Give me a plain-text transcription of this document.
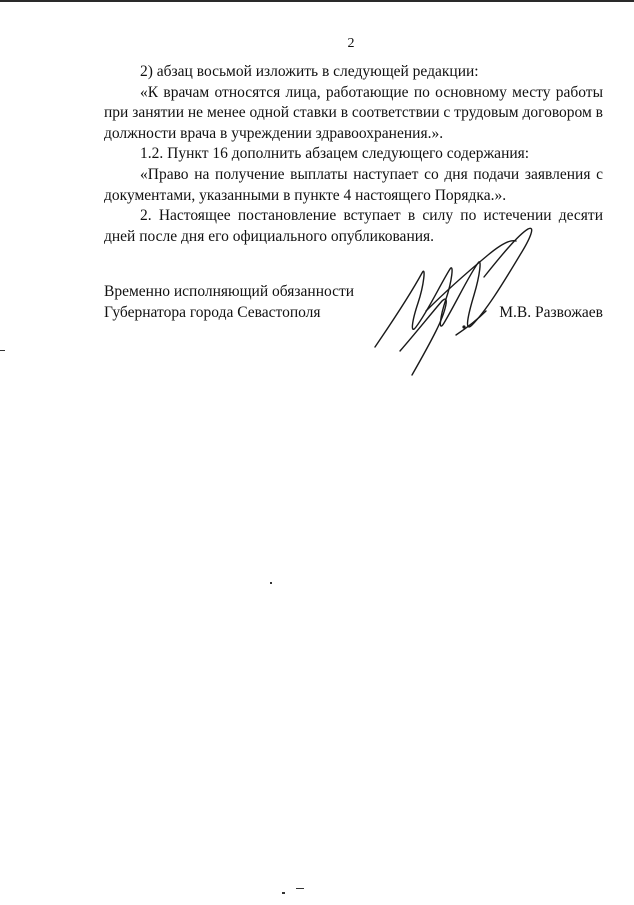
2

2) абзац восьмой изложить в следующей редакции:

«К врачам относятся лица, работающие по основному месту работы при занятии не менее одной ставки в соответствии с трудовым договором в должности врача в учреждении здравоохранения.».

1.2. Пункт 16 дополнить абзацем следующего содержания:

«Право на получение выплаты наступает со дня подачи заявления с документами, указанными в пункте 4 настоящего Порядка.».

2. Настоящее постановление вступает в силу по истечении десяти дней после дня его официального опубликования.

Временно исполняющий обязанности

Губернатора города Севастополя	М.В. Развожаев
